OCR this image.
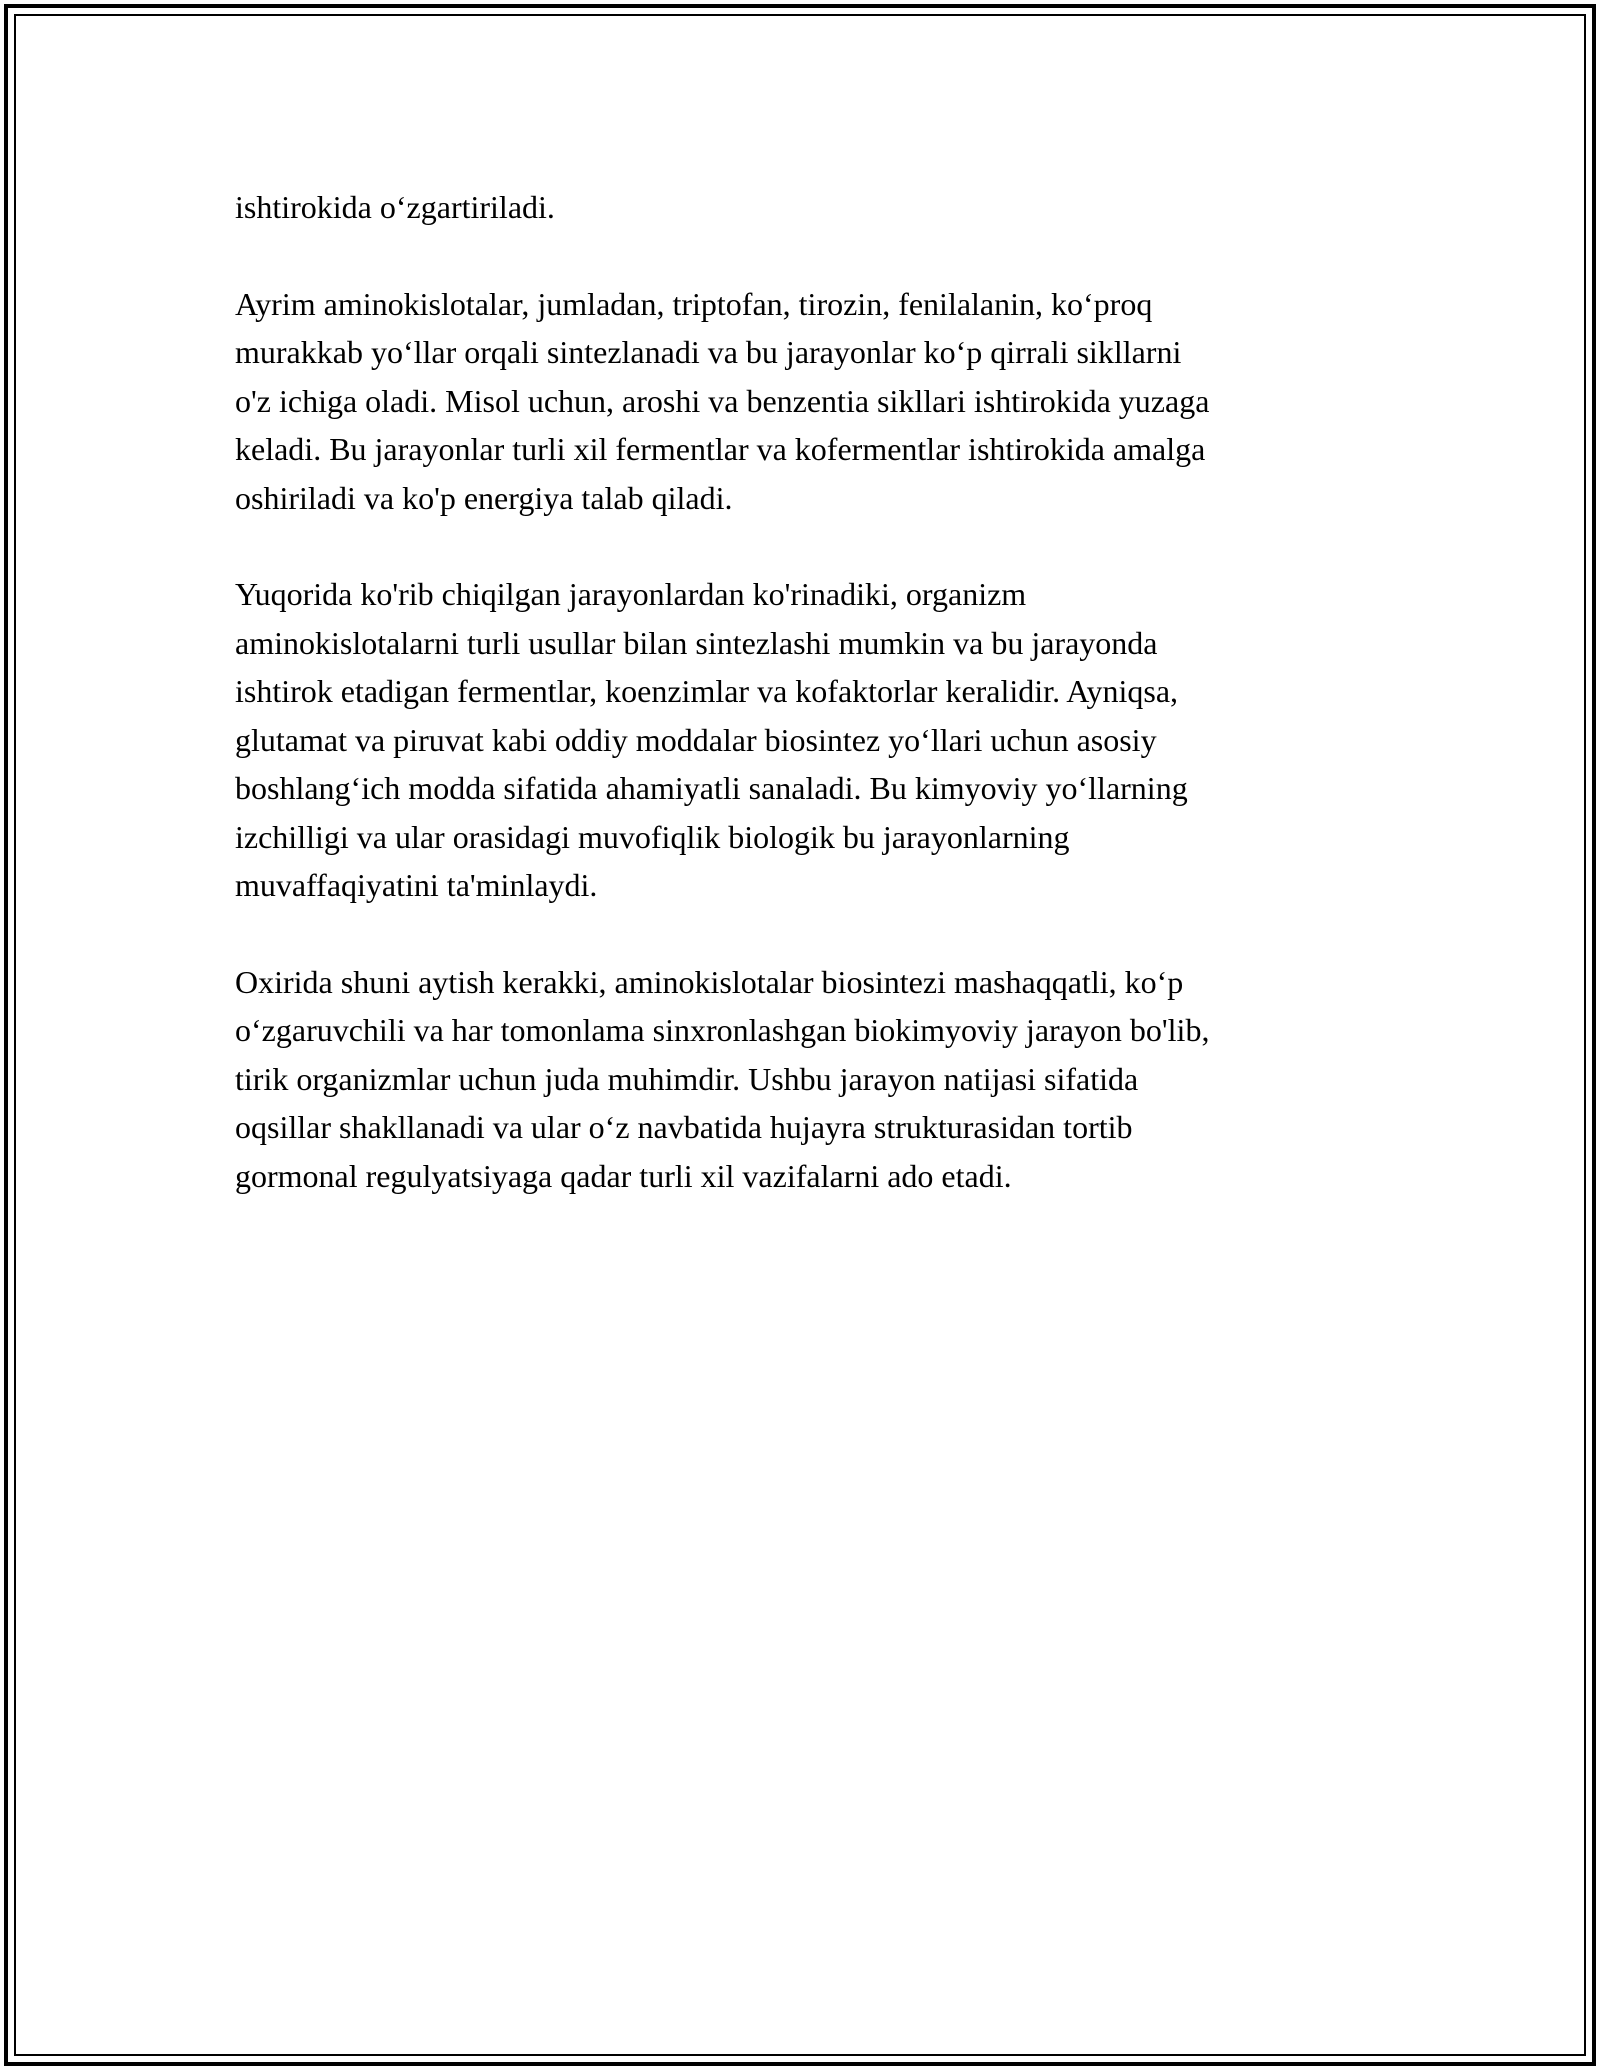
ishtirokida o‘zgartiriladi.

Ayrim aminokislotalar, jumladan, triptofan, tirozin, fenilalanin, ko‘proq
murakkab yo‘llar orqali sintezlanadi va bu jarayonlar ko‘p qirrali sikllarni
o'z ichiga oladi. Misol uchun, aroshi va benzentia sikllari ishtirokida yuzaga
keladi. Bu jarayonlar turli xil fermentlar va kofermentlar ishtirokida amalga
oshiriladi va ko'p energiya talab qiladi.

Yuqorida ko'rib chiqilgan jarayonlardan ko'rinadiki, organizm
aminokislotalarni turli usullar bilan sintezlashi mumkin va bu jarayonda
ishtirok etadigan fermentlar, koenzimlar va kofaktorlar keralidir. Ayniqsa,
glutamat va piruvat kabi oddiy moddalar biosintez yo‘llari uchun asosiy
boshlang‘ich modda sifatida ahamiyatli sanaladi. Bu kimyoviy yo‘llarning
izchilligi va ular orasidagi muvofiqlik biologik bu jarayonlarning
muvaffaqiyatini ta'minlaydi.

Oxirida shuni aytish kerakki, aminokislotalar biosintezi mashaqqatli, ko‘p
o‘zgaruvchili va har tomonlama sinxronlashgan biokimyoviy jarayon bo'lib,
tirik organizmlar uchun juda muhimdir. Ushbu jarayon natijasi sifatida
oqsillar shakllanadi va ular o‘z navbatida hujayra strukturasidan tortib
gormonal regulyatsiyaga qadar turli xil vazifalarni ado etadi.
